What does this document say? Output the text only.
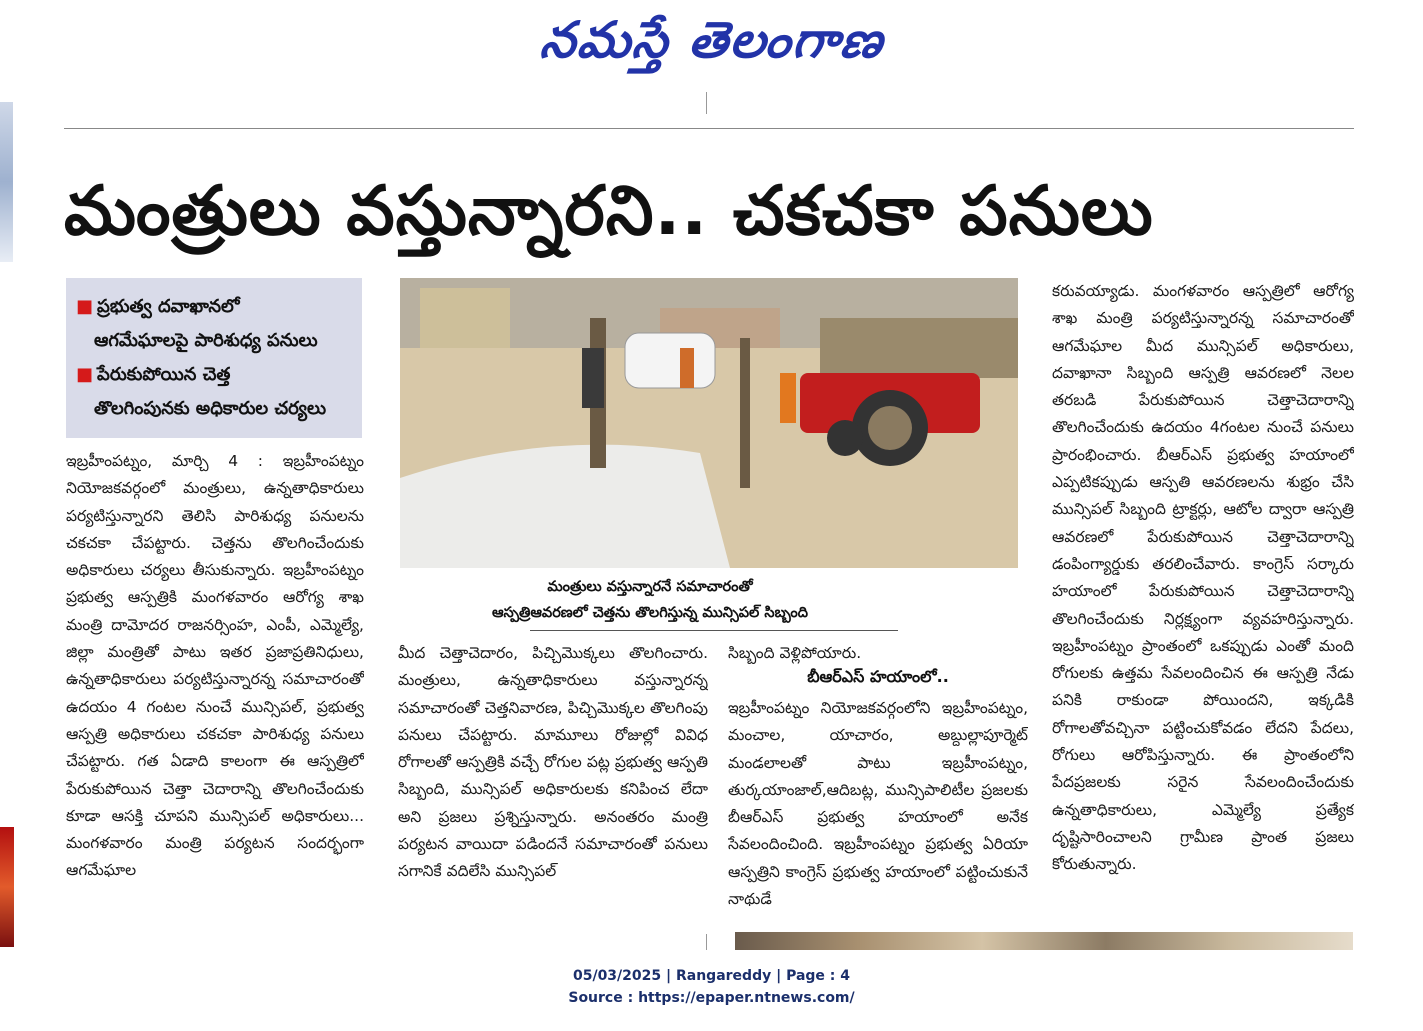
నమస్తే తెలంగాణ

మంత్రులు వస్తున్నారని.. చకచకా పనులు
■ ప్రభుత్వ దవాఖానలో
ఆగమేఘాలపై పారిశుధ్య పనులు
■ పేరుకుపోయిన చెత్త
తొలగింపునకు అధికారుల చర్యలు

ఇబ్రహీంపట్నం, మార్చి 4 : ఇబ్రహీంపట్నం నియోజకవర్గంలో మంత్రులు, ఉన్నతాధికారులు పర్యటిస్తున్నారని తెలిసి పారిశుధ్య పనులను చకచకా చేపట్టారు. చెత్తను తొలగించేందుకు అధికారులు చర్యలు తీసుకున్నారు. ఇబ్రహీంపట్నం ప్రభుత్వ ఆస్పత్రికి మంగళవారం ఆరోగ్య శాఖ మంత్రి దామోదర రాజనర్సింహ, ఎంపీ, ఎమ్మెల్యే, జిల్లా మంత్రితో పాటు ఇతర ప్రజాప్రతినిధులు, ఉన్నతాధికారులు పర్యటిస్తున్నారన్న సమాచారంతో ఉదయం 4 గంటల నుంచే మున్సిపల్, ప్రభుత్వ ఆస్పత్రి అధికారులు చకచకా పారిశుధ్య పనులు చేపట్టారు. గత ఏడాది కాలంగా ఈ ఆస్పత్రిలో పేరుకుపోయిన చెత్తా చెదారాన్ని తొలగించేందుకు కూడా ఆసక్తి చూపని మున్సిపల్ అధికారులు... మంగళవారం మంత్రి పర్యటన సందర్భంగా ఆగమేఘాల

మంత్రులు వస్తున్నారనే సమాచారంతో
ఆస్పత్రిఆవరణలో చెత్తను తొలగిస్తున్న మున్సిపల్ సిబ్బంది

మీద చెత్తాచెదారం, పిచ్చిమొక్కలు తొలగించారు. మంత్రులు, ఉన్నతాధికారులు వస్తున్నారన్న సమాచారంతో చెత్తనివారణ, పిచ్చిమొక్కల తొలగింపు పనులు చేపట్టారు. మామూలు రోజుల్లో వివిధ రోగాలతో ఆస్పత్రికి వచ్చే రోగుల పట్ల ప్రభుత్వ ఆస్పతి సిబ్బంది, మున్సిపల్ అధికారులకు కనిపించ లేదా అని ప్రజలు ప్రశ్నిస్తున్నారు. అనంతరం మంత్రి పర్యటన వాయిదా పడిందనే సమాచారంతో పనులు సగానికే వదిలేసి మున్సిపల్

సిబ్బంది వెళ్లిపోయారు.

బీఆర్ఎస్ హయాంలో..

ఇబ్రహీంపట్నం నియోజకవర్గంలోని ఇబ్రహీంపట్నం, మంచాల, యాచారం, అబ్దుల్లాపూర్మెట్ మండలాలతో పాటు ఇబ్రహీంపట్నం, తుర్కయాంజాల్,ఆదిబట్ల, మున్సిపాలిటీల ప్రజలకు బీఆర్ఎస్ ప్రభుత్వ హయాంలో అనేక సేవలందించింది. ఇబ్రహీంపట్నం ప్రభుత్వ ఏరియా ఆస్పత్రిని కాంగ్రెస్ ప్రభుత్వ హయాంలో పట్టించుకునే నాథుడే

కరువయ్యాడు. మంగళవారం ఆస్పత్రిలో ఆరోగ్య శాఖ మంత్రి పర్యటిస్తున్నారన్న సమాచారంతో ఆగమేఘాల మీద మున్సిపల్ అధికారులు, దవాఖానా సిబ్బంది ఆస్పత్రి ఆవరణలో నెలల తరబడి పేరుకుపోయిన చెత్తాచెదారాన్ని తొలగించేందుకు ఉదయం 4గంటల నుంచే పనులు ప్రారంభించారు. బీఆర్ఎస్ ప్రభుత్వ హయాంలో ఎప్పటికప్పుడు ఆస్పతి ఆవరణలను శుభ్రం చేసి మున్సిపల్ సిబ్బంది ట్రాక్టర్లు, ఆటోల ద్వారా ఆస్పత్రి ఆవరణలో పేరుకుపోయిన చెత్తాచెదారాన్ని డంపింగ్యార్డుకు తరలించేవారు. కాంగ్రెస్ సర్కారు హయాంలో పేరుకుపోయిన చెత్తాచెదారాన్ని తొలగించేందుకు నిర్లక్ష్యంగా వ్యవహరిస్తున్నారు. ఇబ్రహీంపట్నం ప్రాంతంలో ఒకప్పుడు ఎంతో మంది రోగులకు ఉత్తమ సేవలందించిన ఈ ఆస్పత్రి నేడు పనికి రాకుండా పోయిందని, ఇక్కడికి రోగాలతోవచ్చినా పట్టించుకోవడం లేదని పేదలు, రోగులు ఆరోపిస్తున్నారు. ఈ ప్రాంతంలోని పేదప్రజలకు సరైన సేవలందించేందుకు ఉన్నతాధికారులు, ఎమ్మెల్యే ప్రత్యేక దృష్టిసారించాలని గ్రామీణ ప్రాంత ప్రజలు కోరుతున్నారు.

05/03/2025 | Rangareddy | Page : 4
Source : https://epaper.ntnews.com/
